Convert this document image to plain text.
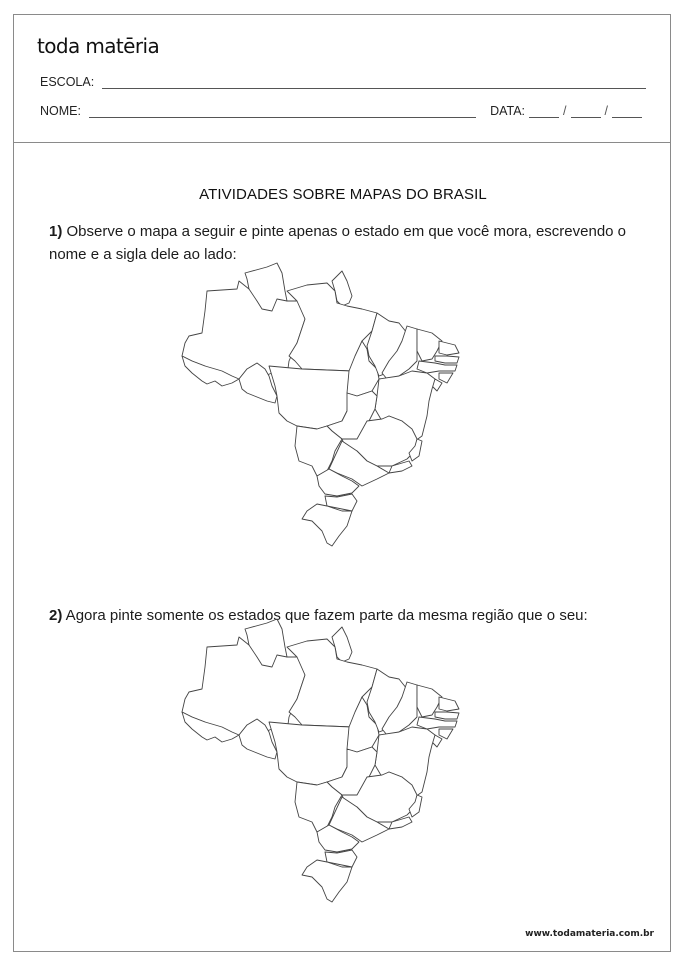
toda matēria
ESCOLA:
NOME:	DATA:	/	/
ATIVIDADES SOBRE MAPAS DO BRASIL
1) Observe o mapa a seguir e pinte apenas o estado em que você mora, escrevendo o nome e a sigla dele ao lado:
2) Agora pinte somente os estados que fazem parte da mesma região que o seu:
www.todamateria.com.br
